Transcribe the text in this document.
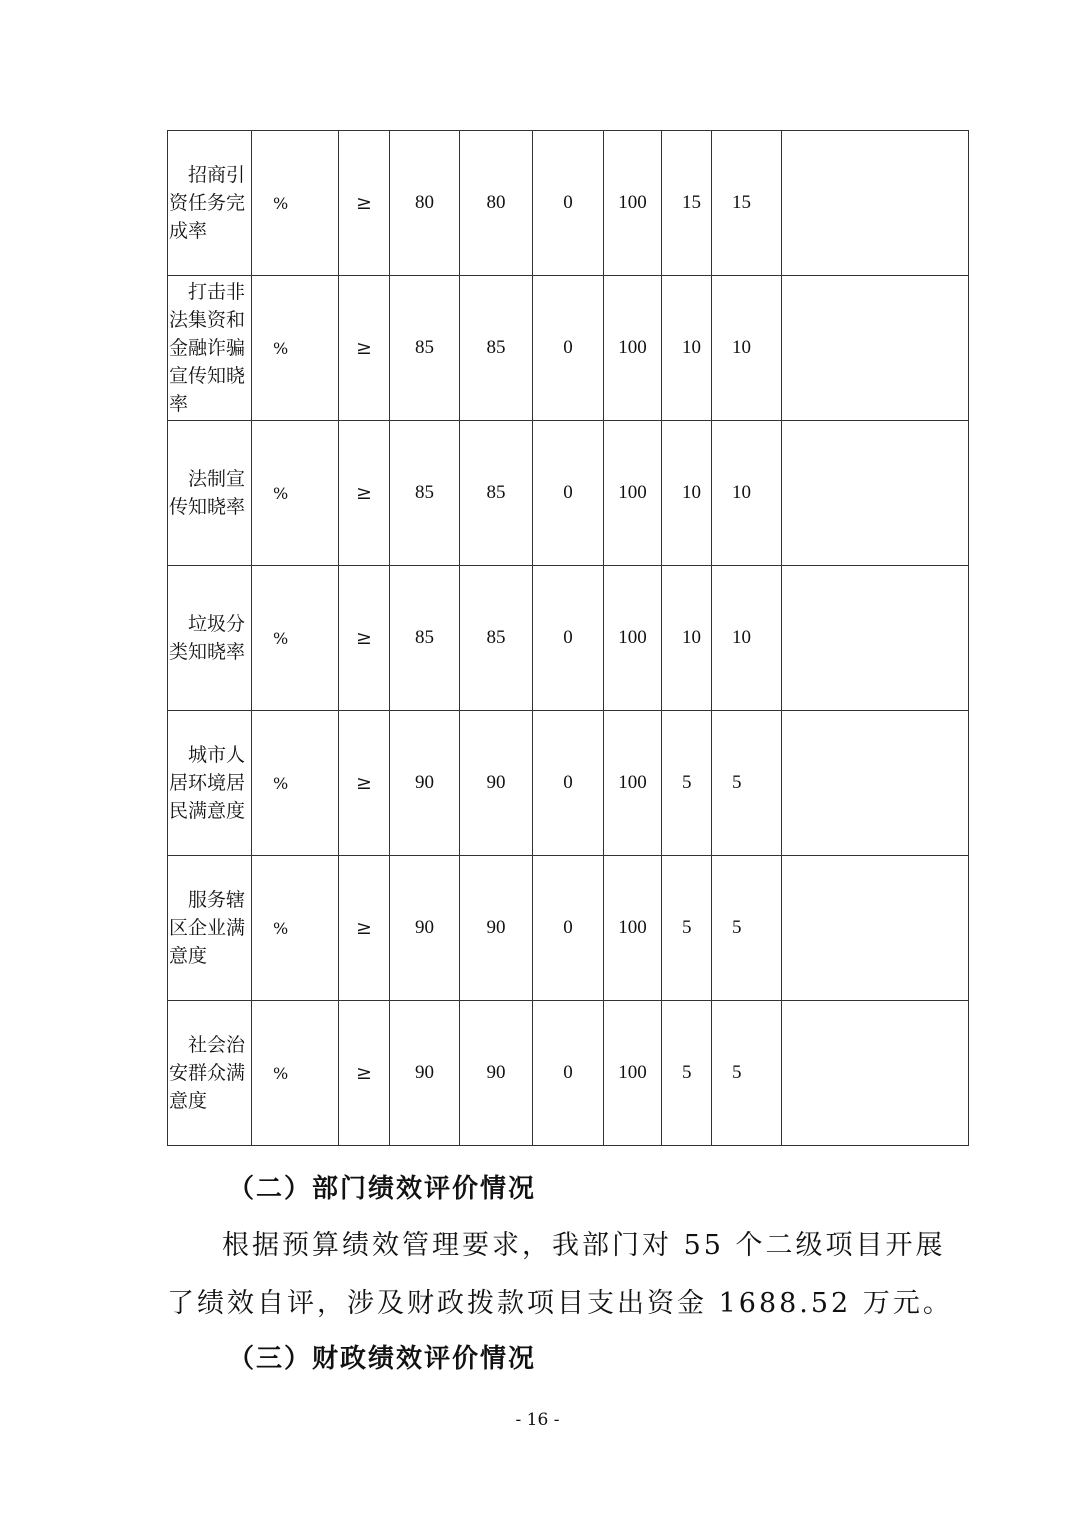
招商引资任务完成率	%	≥	80	80	0	100	15	15	
打击非法集资和金融诈骗宣传知晓率	%	≥	85	85	0	100	10	10	
法制宣传知晓率	%	≥	85	85	0	100	10	10	
垃圾分类知晓率	%	≥	85	85	0	100	10	10	
城市人居环境居民满意度	%	≥	90	90	0	100	5	5	
服务辖区企业满意度	%	≥	90	90	0	100	5	5	
社会治安群众满意度	%	≥	90	90	0	100	5	5	
（二）部门绩效评价情况
根据预算绩效管理要求，我部门对 55 个二级项目开展
了绩效自评，涉及财政拨款项目支出资金 1688.52 万元。
（三）财政绩效评价情况
- 16 -
